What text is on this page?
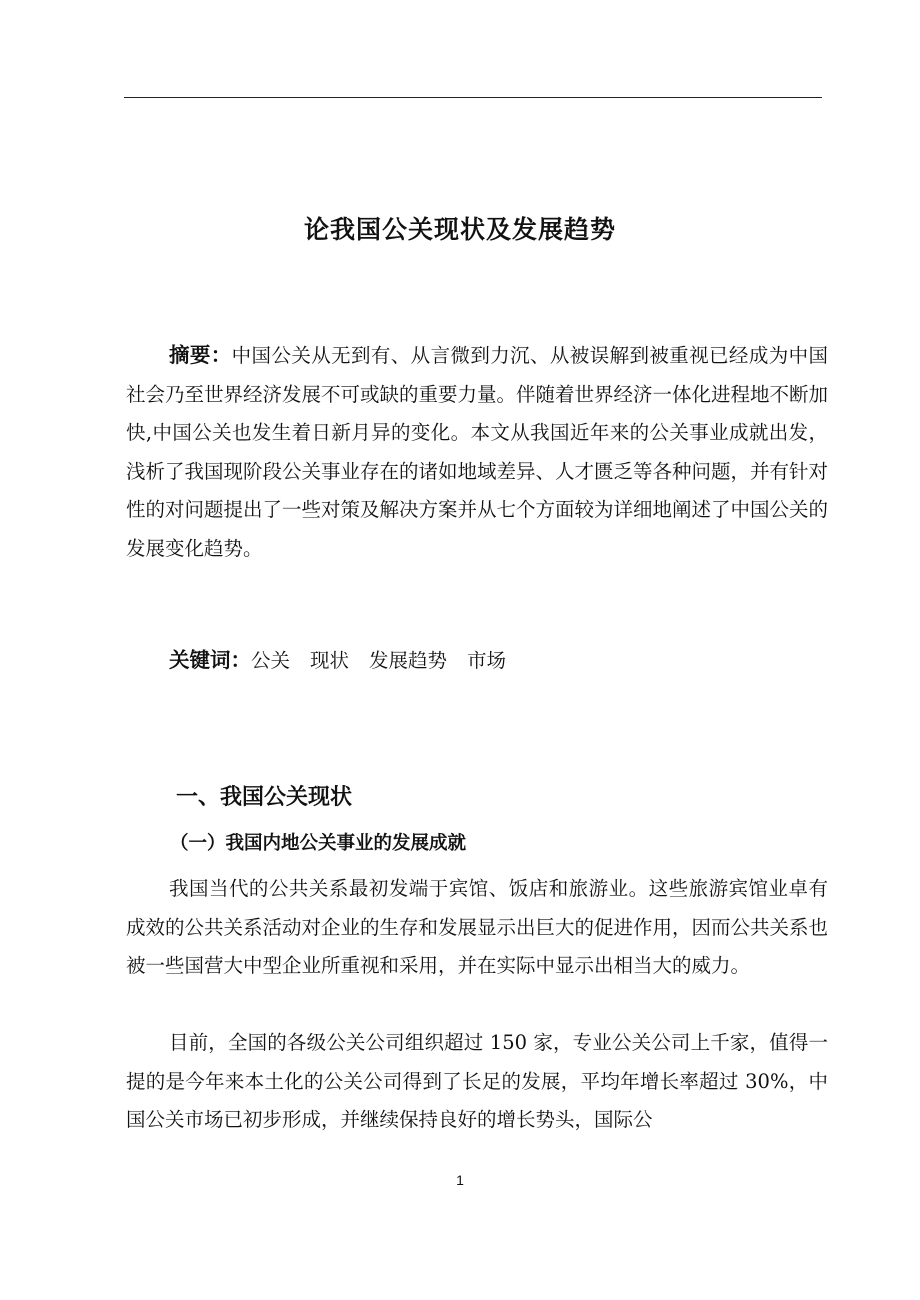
论我国公关现状及发展趋势

摘要：中国公关从无到有、从言微到力沉、从被误解到被重视已经成为中国社会乃至世界经济发展不可或缺的重要力量。伴随着世界经济一体化进程地不断加快,中国公关也发生着日新月异的变化。本文从我国近年来的公关事业成就出发，浅析了我国现阶段公关事业存在的诸如地域差异、人才匮乏等各种问题，并有针对性的对问题提出了一些对策及解决方案并从七个方面较为详细地阐述了中国公关的发展变化趋势。

关键词：公关 现状 发展趋势 市场
一、我国公关现状
（一）我国内地公关事业的发展成就

我国当代的公共关系最初发端于宾馆、饭店和旅游业。这些旅游宾馆业卓有成效的公共关系活动对企业的生存和发展显示出巨大的促进作用，因而公共关系也被一些国营大中型企业所重视和采用，并在实际中显示出相当大的威力。

目前，全国的各级公关公司组织超过 150 家，专业公关公司上千家，值得一提的是今年来本土化的公关公司得到了长足的发展，平均年增长率超过 30%，中国公关市场已初步形成，并继续保持良好的增长势头，国际公

1
